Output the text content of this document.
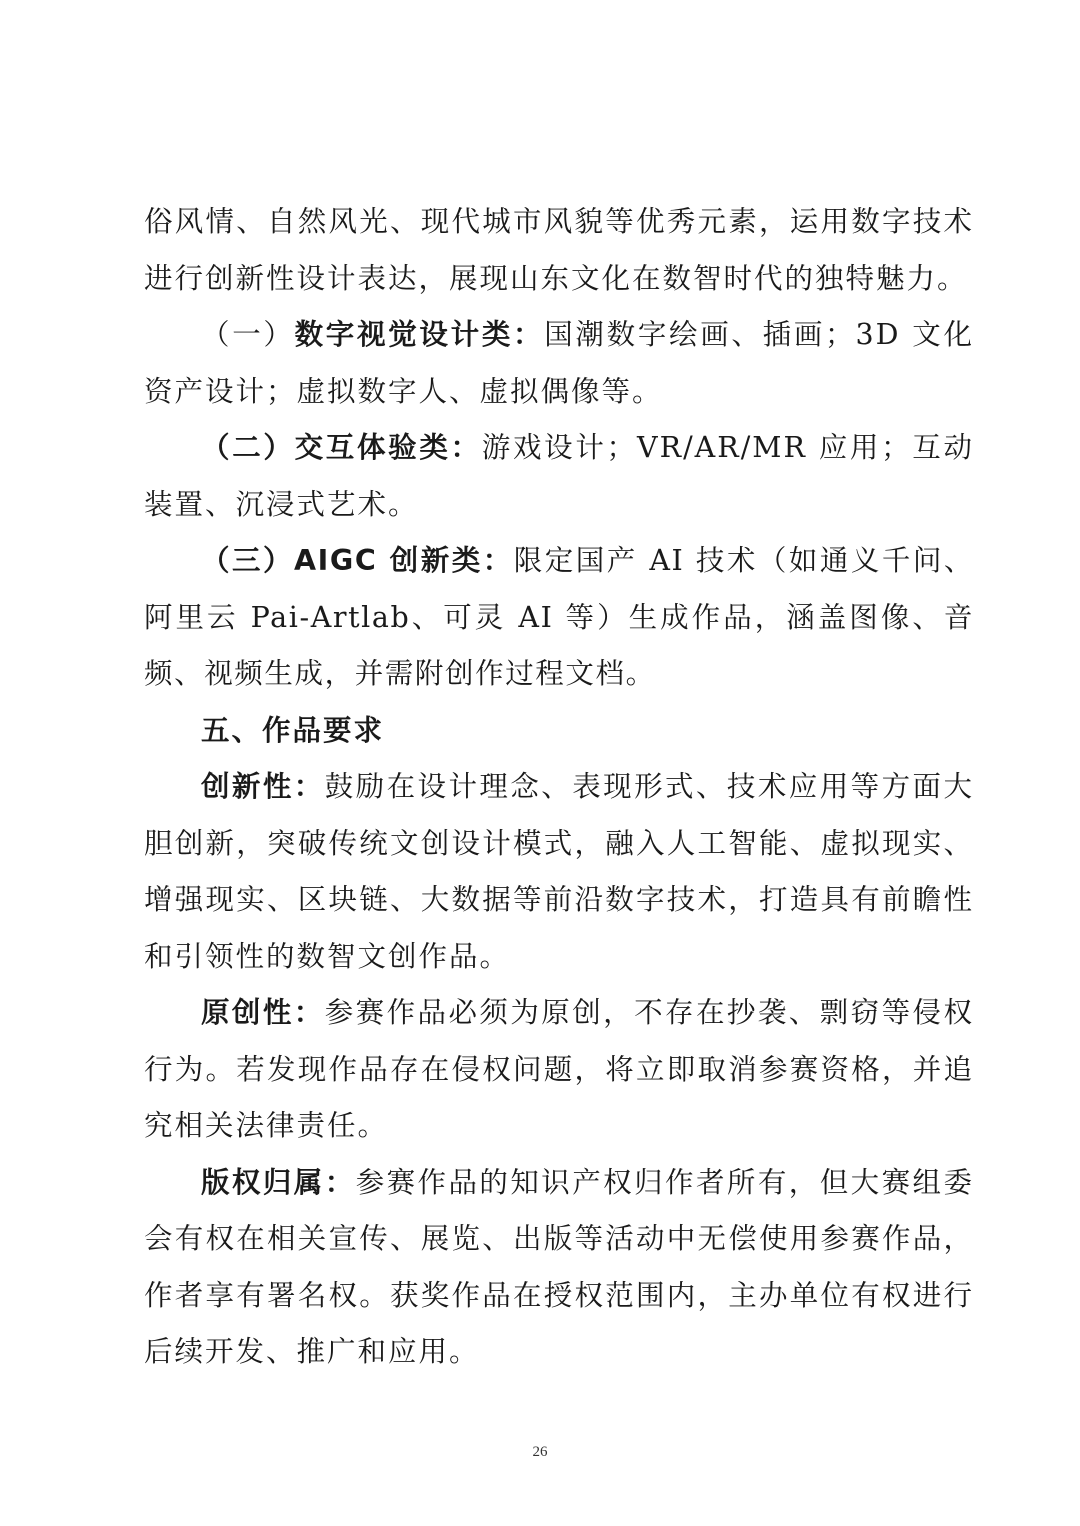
俗风情、自然风光、现代城市风貌等优秀元素，运用数字技术进行创新性设计表达，展现山东文化在数智时代的独特魅力。

（一）数字视觉设计类：国潮数字绘画、插画；3D 文化资产设计；虚拟数字人、虚拟偶像等。

（二）交互体验类：游戏设计；VR/AR/MR 应用；互动装置、沉浸式艺术。

（三）AIGC 创新类：限定国产 AI 技术（如通义千问、阿里云 Pai-Artlab、可灵 AI 等）生成作品，涵盖图像、音频、视频生成，并需附创作过程文档。

五、作品要求

创新性：鼓励在设计理念、表现形式、技术应用等方面大胆创新，突破传统文创设计模式，融入人工智能、虚拟现实、增强现实、区块链、大数据等前沿数字技术，打造具有前瞻性和引领性的数智文创作品。

原创性：参赛作品必须为原创，不存在抄袭、剽窃等侵权行为。若发现作品存在侵权问题，将立即取消参赛资格，并追究相关法律责任。

版权归属：参赛作品的知识产权归作者所有，但大赛组委会有权在相关宣传、展览、出版等活动中无偿使用参赛作品，作者享有署名权。获奖作品在授权范围内，主办单位有权进行后续开发、推广和应用。

26
